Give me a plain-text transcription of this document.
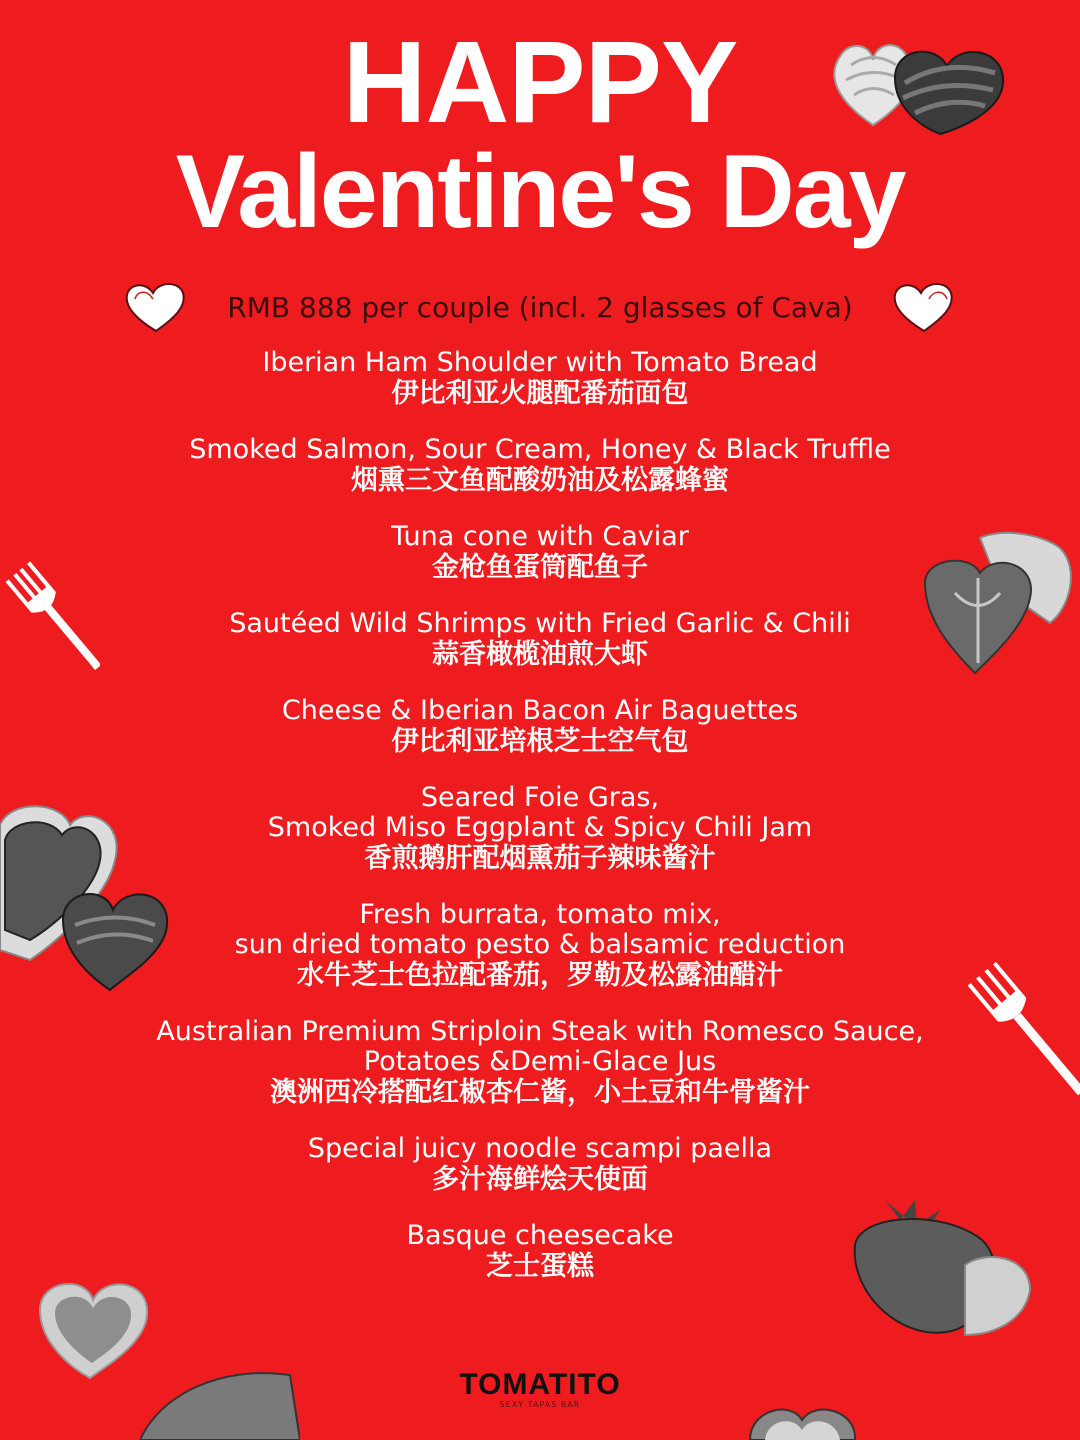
HAPPY
Valentine's Day
RMB 888 per couple (incl. 2 glasses of Cava)
Iberian Ham Shoulder with Tomato Bread
伊比利亚火腿配番茄面包
Smoked Salmon, Sour Cream, Honey & Black Truffle
烟熏三文鱼配酸奶油及松露蜂蜜
Tuna cone with Caviar
金枪鱼蛋筒配鱼子
Sautéed Wild Shrimps with Fried Garlic & Chili
蒜香橄榄油煎大虾
Cheese & Iberian Bacon Air Baguettes
伊比利亚培根芝士空气包
Seared Foie Gras,
Smoked Miso Eggplant & Spicy Chili Jam
香煎鹅肝配烟熏茄子辣味酱汁
Fresh burrata, tomato mix,
sun dried tomato pesto & balsamic reduction
水牛芝士色拉配番茄，罗勒及松露油醋汁
Australian Premium Striploin Steak with Romesco Sauce,
Potatoes &Demi-Glace Jus
澳洲西冷搭配红椒杏仁酱，小土豆和牛骨酱汁
Special juicy noodle scampi paella
多汁海鲜烩天使面
Basque cheesecake
芝士蛋糕
TOMATITO
SEXY TAPAS BAR
